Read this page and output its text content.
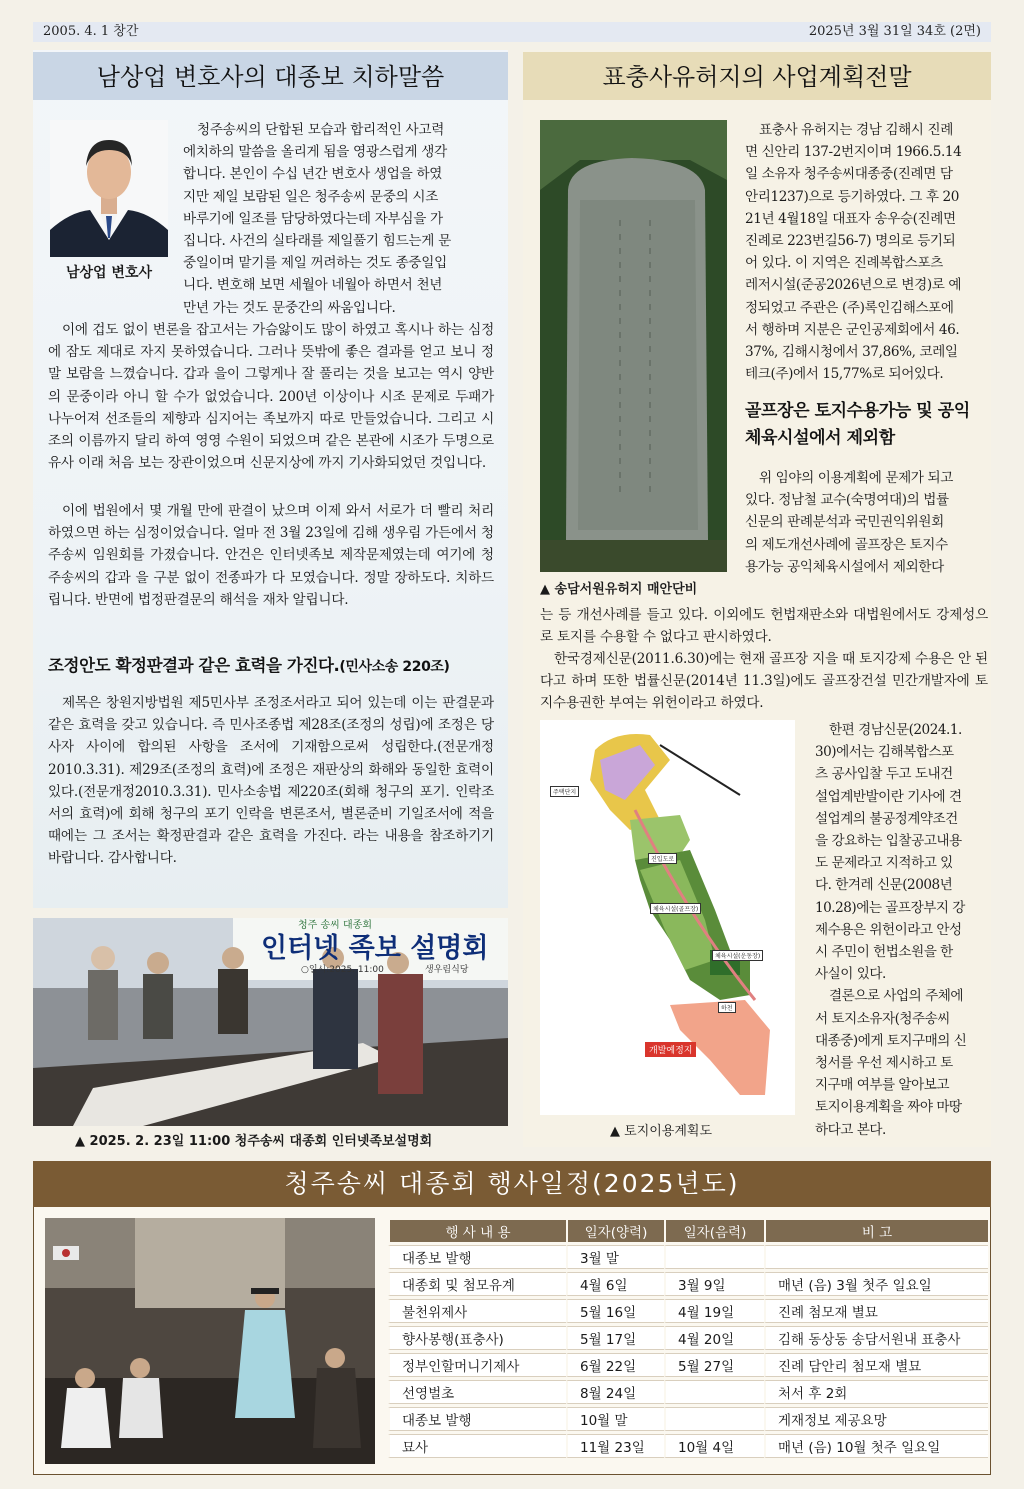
2005. 4. 1 창간	2025년 3월 31일 34호 (2면)
남상업 변호사의 대종보 치하말씀
남상업 변호사
청주송씨의 단합된 모습과 합리적인 사고력
에치하의 말씀을 올리게 됨을 영광스럽게 생각
합니다. 본인이 수십 년간 변호사 생업을 하였
지만 제일 보람된 일은 청주송씨 문중의 시조
바루기에 일조를 담당하였다는데 자부심을 가
집니다. 사건의 실타래를 제일풀기 힘드는게 문
중일이며 맡기를 제일 꺼려하는 것도 종중일입
니다. 변호해 보면 세월아 네월아 하면서 천년
만년 가는 것도 문중간의 싸움입니다.

이에 겁도 없이 변론을 잡고서는 가슴앓이도 많이 하였고 혹시나 하는 심정에 잠도 제대로 자지 못하였습니다. 그러나 뜻밖에 좋은 결과를 얻고 보니 정말 보람을 느꼈습니다. 갑과 을이 그렇게나 잘 풀리는 것을 보고는 역시 양반의 문중이라 아니 할 수가 없었습니다. 200년 이상이나 시조 문제로 두패가 나누어져 선조들의 제향과 심지어는 족보까지 따로 만들었습니다. 그리고 시조의 이름까지 달리 하여 영영 수원이 되었으며 같은 본관에 시조가 두명으로 유사 이래 처음 보는 장관이었으며 신문지상에 까지 기사화되었던 것입니다.

이에 법원에서 몇 개월 만에 판결이 났으며 이제 와서 서로가 더 빨리 처리하였으면 하는 심정이었습니다. 얼마 전 3월 23일에 김해 생우림 가든에서 청주송씨 임원회를 가졌습니다. 안건은 인터넷족보 제작문제였는데 여기에 청주송씨의 갑과 을 구분 없이 전종파가 다 모였습니다. 정말 장하도다. 치하드립니다. 반면에 법정판결문의 해석을 재차 알립니다.

조정안도 확정판결과 같은 효력을 가진다.(민사소송 220조)

제목은 창원지방법원 제5민사부 조정조서라고 되어 있는데 이는 판결문과 같은 효력을 갖고 있습니다. 즉 민사조종법 제28조(조정의 성립)에 조정은 당사자 사이에 합의된 사항을 조서에 기재함으로써 성립한다.(전문개정 2010.3.31). 제29조(조정의 효력)에 조정은 재판상의 화해와 동일한 효력이 있다.(전문개정2010.3.31). 민사소송법 제220조(회해 청구의 포기. 인락조서의 효력)에 회해 청구의 포기 인락을 변론조서, 별론준비 기일조서에 적을 때에는 그 조서는 확정판결과 같은 효력을 가진다. 라는 내용을 참조하기기 바랍니다. 감사합니다.

청주 송씨 대종회
인터넷 족보 설명회
○일시:2025. 11:00	생우림식당
▲ 2025. 2. 23일 11:00 청주송씨 대종회 인터넷족보설명회
표충사유허지의 사업계획전말
▲ 송담서원유허지 매안단비
표충사 유허지는 경남 김해시 진례
면 신안리 137-2번지이며 1966.5.14
일 소유자 청주송씨대종중(진례면 담
안리1237)으로 등기하였다. 그 후 20
21년 4월18일 대표자 송우승(진례면
진례로 223번길56-7) 명의로 등기되
어 있다. 이 지역은 진례복합스포츠
레저시설(준공2026년으로 변경)로 예
정되었고 주관은 (주)록인김해스포에
서 행하며 지분은 군인공제회에서 46.
37%, 김해시청에서 37,86%, 코레일
테크(주)에서 15,77%로 되어있다.
골프장은 토지수용가능 및 공익체육시설에서 제외함
위 임야의 이용계획에 문제가 되고
있다. 정남철 교수(숙명여대)의 법률
신문의 판례분석과 국민권익위원회
의 제도개선사례에 골프장은 토지수
용가능 공익체육시설에서 제외한다

는 등 개선사례를 들고 있다. 이외에도 헌법재판소와 대법원에서도 강제성으로 토지를 수용할 수 없다고 판시하였다.

한국경제신문(2011.6.30)에는 현재 골프장 지을 때 토지강제 수용은 안 된다고 하며 또한 법률신문(2014년 11.3일)에도 골프장건설 민간개발자에 토지수용권한 부여는 위헌이라고 하였다.

주택단지
진입도로
체육시설(골프장)
체육시설(운동장)
하천
개발예정지
▲ 토지이용계획도
한편 경남신문(2024.1.
30)에서는 김해복합스포
츠 공사입찰 두고 도내건
설업계반발이란 기사에 견
설업계의 불공정계약조건
을 강요하는 입찰공고내용
도 문제라고 지적하고 있
다. 한겨레 신문(2008년
10.28)에는 골프장부지 강
제수용은 위헌이라고 안성
시 주민이 헌법소원을 한
사실이 있다.
결론으로 사업의 주체에
서 토지소유자(청주송씨
대종중)에게 토지구매의 신
청서를 우선 제시하고 토
지구매 여부를 알아보고
토지이용계획을 짜야 마땅
하다고 본다.
청주송씨 대종회 행사일정(2025년도)
행 사 내 용	일자(양력)	일자(음력)	비 고
대종보 발행	3월 말		
대종회 및 첨모유계	4월 6일	3월 9일	매년 (음) 3월 첫주 일요일
불천위제사	5월 16일	4월 19일	진례 첨모재 별묘
향사봉행(표충사)	5월 17일	4월 20일	김해 동상동 송담서원내 표충사
정부인할머니기제사	6월 22일	5월 27일	진례 담안리 첨모재 별묘
선영벌초	8월 24일		처서 후 2회
대종보 발행	10월 말		게재정보 제공요망
묘사	11월 23일	10월 4일	매년 (음) 10월 첫주 일요일
